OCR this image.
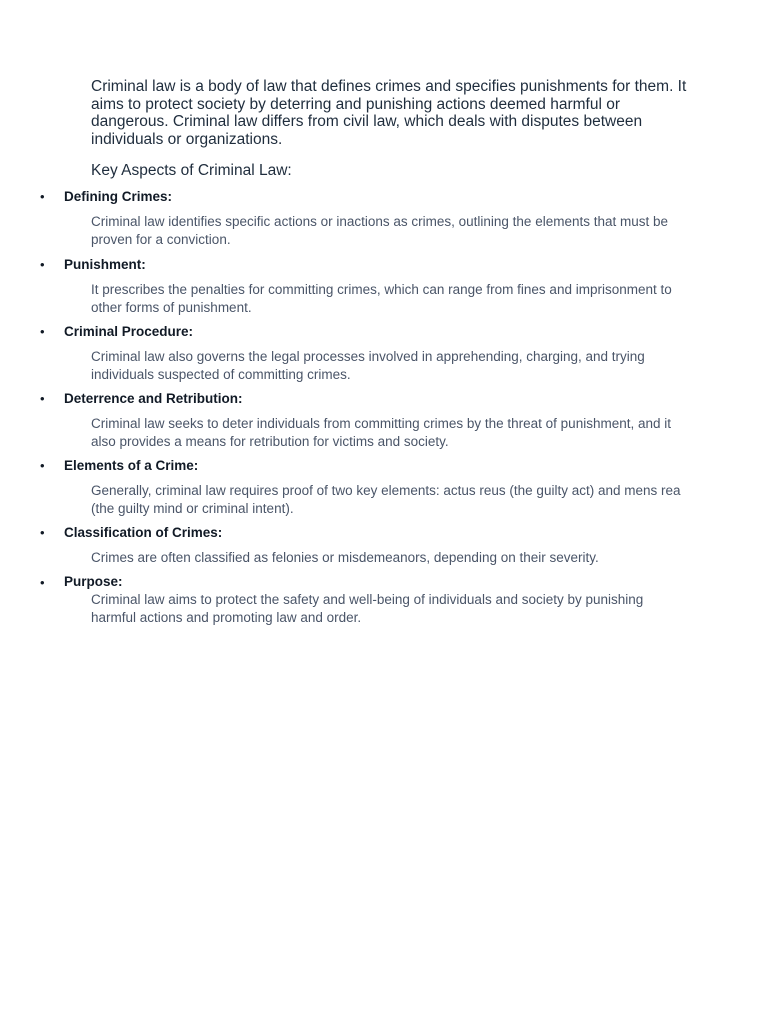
Criminal law is a body of law that defines crimes and specifies punishments for them. It aims to protect society by deterring and punishing actions deemed harmful or dangerous. Criminal law differs from civil law, which deals with disputes between individuals or organizations.

Key Aspects of Criminal Law:
• Defining Crimes:
Criminal law identifies specific actions or inactions as crimes, outlining the elements that must be proven for a conviction.
• Punishment:
It prescribes the penalties for committing crimes, which can range from fines and imprisonment to other forms of punishment.
• Criminal Procedure:
Criminal law also governs the legal processes involved in apprehending, charging, and trying individuals suspected of committing crimes.
• Deterrence and Retribution:
Criminal law seeks to deter individuals from committing crimes by the threat of punishment, and it also provides a means for retribution for victims and society.
• Elements of a Crime:
Generally, criminal law requires proof of two key elements: actus reus (the guilty act) and mens rea (the guilty mind or criminal intent).
• Classification of Crimes:
Crimes are often classified as felonies or misdemeanors, depending on their severity.
• Purpose:
Criminal law aims to protect the safety and well-being of individuals and society by punishing harmful actions and promoting law and order.
